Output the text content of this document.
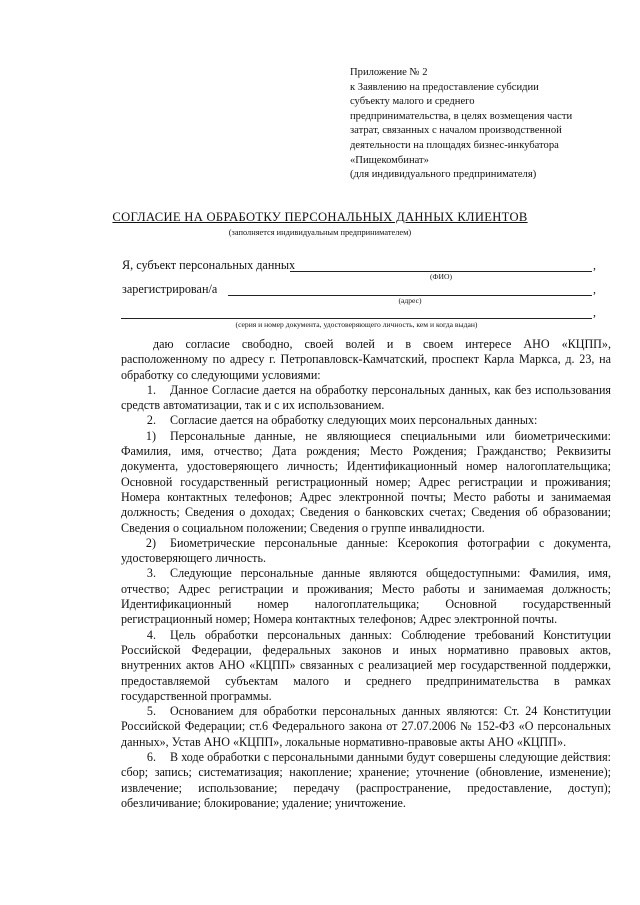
Приложение № 2
к Заявлению на предоставление субсидии
субъекту малого и среднего
предпринимательства, в целях возмещения части
затрат, связанных с началом производственной
деятельности на площадях бизнес-инкубатора
«Пищекомбинат»
(для индивидуального предпринимателя)
СОГЛАСИЕ НА ОБРАБОТКУ ПЕРСОНАЛЬНЫХ ДАННЫХ КЛИЕНТОВ
(заполняется индивидуальным предпринимателем)
Я, субъект персональных данных	,
(ФИО)
зарегистрирован/а	,
(адрес)
,
(серия и номер документа, удостоверяющего личность, кем и когда выдан)

даю согласие свободно, своей волей и в своем интересе АНО «КЦПП», расположенному по адресу г. Петропавловск-Камчатский, проспект Карла Маркса, д. 23, на обработку со следующими условиями:

1. Данное Согласие дается на обработку персональных данных, как без использования средств автоматизации, так и с их использованием.

2. Согласие дается на обработку следующих моих персональных данных:

1) Персональные данные, не являющиеся специальными или биометрическими: Фамилия, имя, отчество; Дата рождения; Место Рождения; Гражданство; Реквизиты документа, удостоверяющего личность; Идентификационный номер налогоплательщика; Основной государственный регистрационный номер; Адрес регистрации и проживания; Номера контактных телефонов; Адрес электронной почты; Место работы и занимаемая должность; Сведения о доходах; Сведения о банковских счетах; Сведения об образовании; Сведения о социальном положении; Сведения о группе инвалидности.

2) Биометрические персональные данные: Ксерокопия фотографии с документа, удостоверяющего личность.

3. Следующие персональные данные являются общедоступными: Фамилия, имя, отчество; Адрес регистрации и проживания; Место работы и занимаемая должность; Идентификационный номер налогоплательщика; Основной государственный регистрационный номер; Номера контактных телефонов; Адрес электронной почты.

4. Цель обработки персональных данных: Соблюдение требований Конституции Российской Федерации, федеральных законов и иных нормативно правовых актов, внутренних актов АНО «КЦПП» связанных с реализацией мер государственной поддержки, предоставляемой субъектам малого и среднего предпринимательства в рамках государственной программы.

5. Основанием для обработки персональных данных являются: Ст. 24 Конституции Российской Федерации; ст.6 Федерального закона от 27.07.2006 № 152-ФЗ «О персональных данных», Устав АНО «КЦПП», локальные нормативно-правовые акты АНО «КЦПП».

6. В ходе обработки с персональными данными будут совершены следующие действия: сбор; запись; систематизация; накопление; хранение; уточнение (обновление, изменение); извлечение; использование; передачу (распространение, предоставление, доступ); обезличивание; блокирование; удаление; уничтожение.
